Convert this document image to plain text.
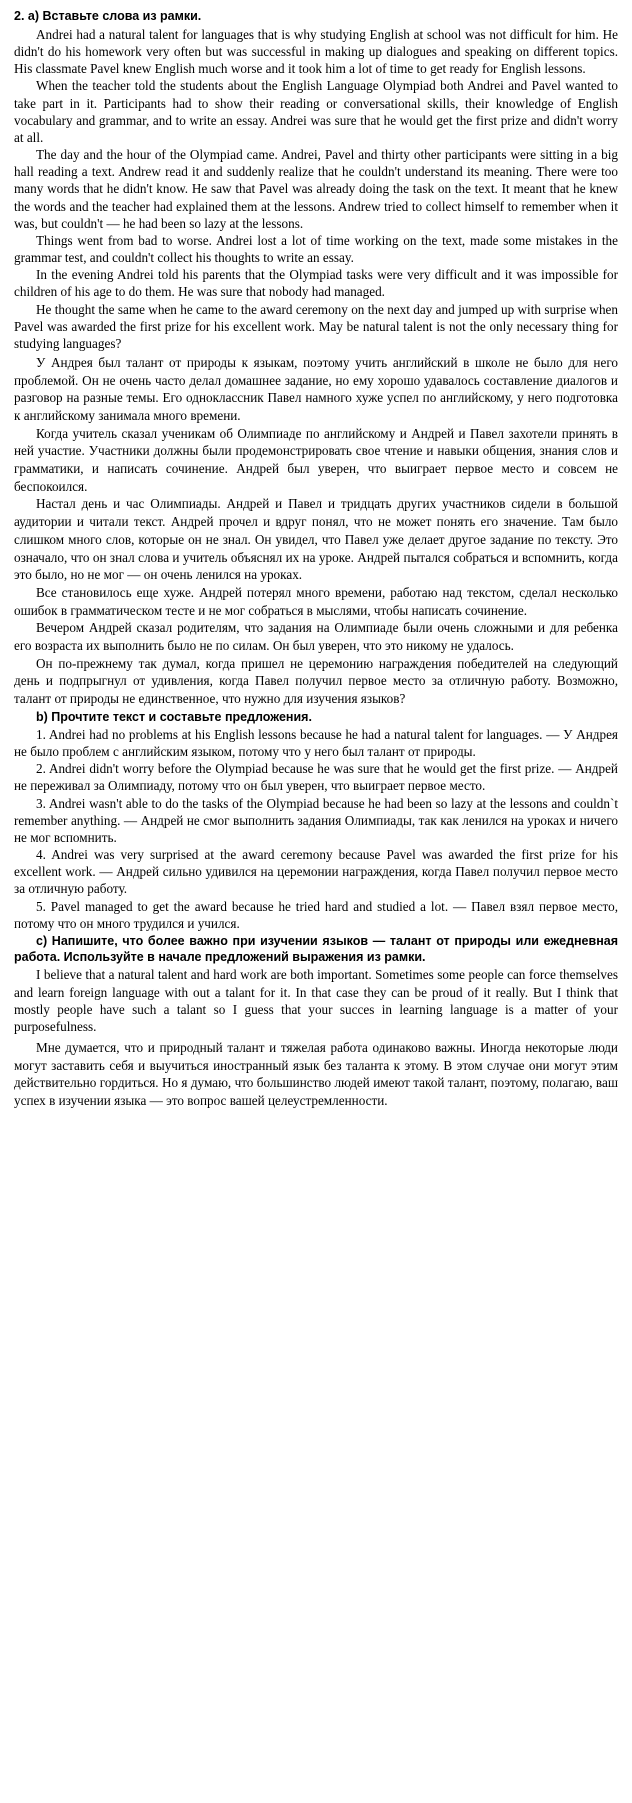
2. а) Вставьте слова из рамки.

Andrei had a natural talent for languages that is why studying English at school was not difficult for him. He didn't do his homework very often but was successful in making up dialogues and speaking on different topics. His classmate Pavel knew English much worse and it took him a lot of time to get ready for English lessons.

When the teacher told the students about the English Language Olympiad both Andrei and Pavel wanted to take part in it. Participants had to show their reading or conversational skills, their knowledge of English vocabulary and grammar, and to write an essay. Andrei was sure that he would get the first prize and didn't worry at all.

The day and the hour of the Olympiad came. Andrei, Pavel and thirty other participants were sitting in a big hall reading a text. Andrew read it and suddenly realize that he couldn't understand its meaning. There were too many words that he didn't know. He saw that Pavel was already doing the task on the text. It meant that he knew the words and the teacher had explained them at the lessons. Andrew tried to collect himself to remember when it was, but couldn't — he had been so lazy at the lessons.

Things went from bad to worse. Andrei lost a lot of time working on the text, made some mistakes in the grammar test, and couldn't collect his thoughts to write an essay.

In the evening Andrei told his parents that the Olympiad tasks were very difficult and it was impossible for children of his age to do them. He was sure that nobody had managed.

He thought the same when he came to the award ceremony on the next day and jumped up with surprise when Pavel was awarded the first prize for his excellent work. May be natural talent is not the only necessary thing for studying languages?

У Андрея был талант от природы к языкам, поэтому учить английский в школе не было для него проблемой. Он не очень часто делал домашнее задание, но ему хорошо удавалось составление диалогов и разговор на разные темы. Его одноклассник Павел намного хуже успел по английскому, у него подготовка к английскому занимала много времени.

Когда учитель сказал ученикам об Олимпиаде по английскому и Андрей и Павел захотели принять в ней участие. Участники должны были продемонстрировать свое чтение и навыки общения, знания слов и грамматики, и написать сочинение. Андрей был уверен, что выиграет первое место и совсем не беспокоился.

Настал день и час Олимпиады. Андрей и Павел и тридцать других участников сидели в большой аудитории и читали текст. Андрей прочел и вдруг понял, что не может понять его значение. Там было слишком много слов, которые он не знал. Он увидел, что Павел уже делает другое задание по тексту. Это означало, что он знал слова и учитель объяснял их на уроке. Андрей пытался собраться и вспомнить, когда это было, но не мог — он очень ленился на уроках.

Все становилось еще хуже. Андрей потерял много времени, работаю над текстом, сделал несколько ошибок в грамматическом тесте и не мог собраться в мыслями, чтобы написать сочинение.

Вечером Андрей сказал родителям, что задания на Олимпиаде были очень сложными и для ребенка его возраста их выполнить было не по силам. Он был уверен, что это никому не удалось.

Он по-прежнему так думал, когда пришел не церемонию награждения победителей на следующий день и подпрыгнул от удивления, когда Павел получил первое место за отличную работу. Возможно, талант от природы не единственное, что нужно для изучения языков?

b) Прочтите текст и составьте предложения.

1. Andrei had no problems at his English lessons because he had a natural talent for languages. — У Андрея не было проблем с английским языком, потому что у него был талант от природы.

2. Andrei didn't worry before the Olympiad because he was sure that he would get the first prize. — Андрей не переживал за Олимпиаду, потому что он был уверен, что выиграет первое место.

3. Andrei wasn't able to do the tasks of the Olympiad because he had been so lazy at the lessons and couldn`t remember anything. — Андрей не смог выполнить задания Олимпиады, так как ленился на уроках и ничего не мог вспомнить.

4. Andrei was very surprised at the award ceremony because Pavel was awarded the first prize for his excellent work. — Андрей сильно удивился на церемонии награждения, когда Павел получил первое место за отличную работу.

5. Pavel managed to get the award because he tried hard and studied a lot. — Павел взял первое место, потому что он много трудился и учился.

c) Напишите, что более важно при изучении языков — талант от природы или ежедневная работа. Используйте в начале предложений выражения из рамки.

I believe that a natural talent and hard work are both important. Sometimes some people can force themselves and learn foreign language with out a talant for it. In that case they can be proud of it really. But I think that mostly people have such a talant so I guess that your succes in learning language is a matter of your purposefulness.

Мне думается, что и природный талант и тяжелая работа одинаково важны. Иногда некоторые люди могут заставить себя и выучиться иностранный язык без таланта к этому. В этом случае они могут этим действительно гордиться. Но я думаю, что большинство людей имеют такой талант, поэтому, полагаю, ваш успех в изучении языка — это вопрос вашей целеустремленности.
